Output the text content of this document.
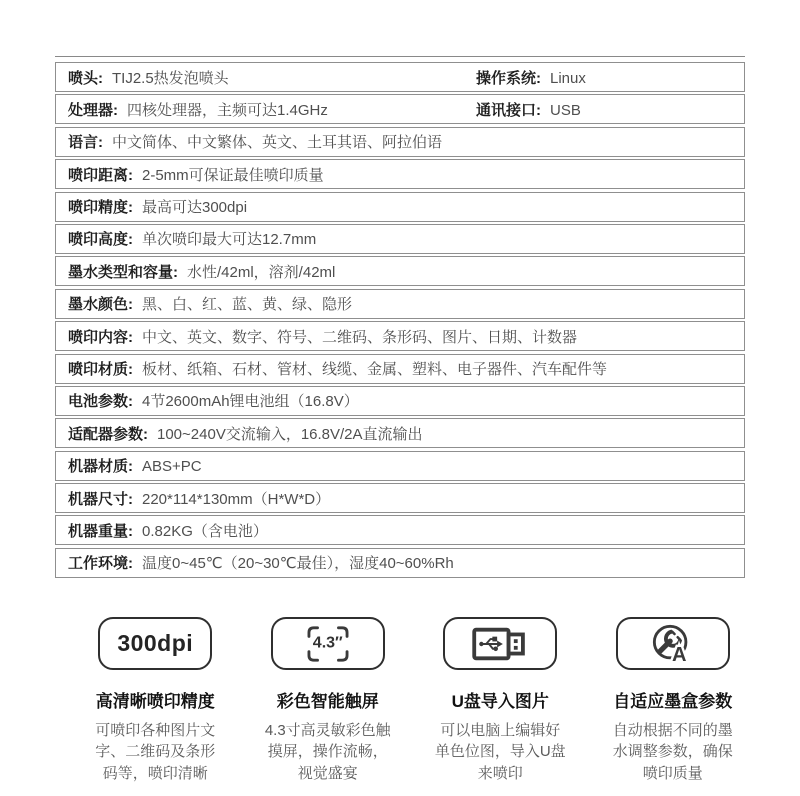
喷头: TIJ2.5热发泡喷头	操作系统: Linux
处理器: 四核处理器，主频可达1.4GHz	通讯接口: USB
语言: 中文简体、中文繁体、英文、土耳其语、阿拉伯语
喷印距离: 2-5mm可保证最佳喷印质量
喷印精度: 最高可达300dpi
喷印高度: 单次喷印最大可达12.7mm
墨水类型和容量: 水性/42ml，溶剂/42ml
墨水颜色: 黑、白、红、蓝、黄、绿、隐形
喷印内容: 中文、英文、数字、符号、二维码、条形码、图片、日期、计数器
喷印材质: 板材、纸箱、石材、管材、线缆、金属、塑料、电子器件、汽车配件等
电池参数: 4节2600mAh锂电池组（16.8V）
适配器参数: 100~240V交流输入，16.8V/2A直流输出
机器材质: ABS+PC
机器尺寸: 220*114*130mm（H*W*D）
机器重量: 0.82KG（含电池）
工作环境: 温度0~45℃（20~30℃最佳），湿度40~60%Rh
300dpi
高清晰喷印精度
可喷印各种图片文字、二维码及条形码等，喷印清晰
4.3″
彩色智能触屏
4.3寸高灵敏彩色触摸屏，操作流畅，视觉盛宴
U盘导入图片
可以电脑上编辑好单色位图，导入U盘来喷印
A
自适应墨盒参数
自动根据不同的墨水调整参数，确保喷印质量
